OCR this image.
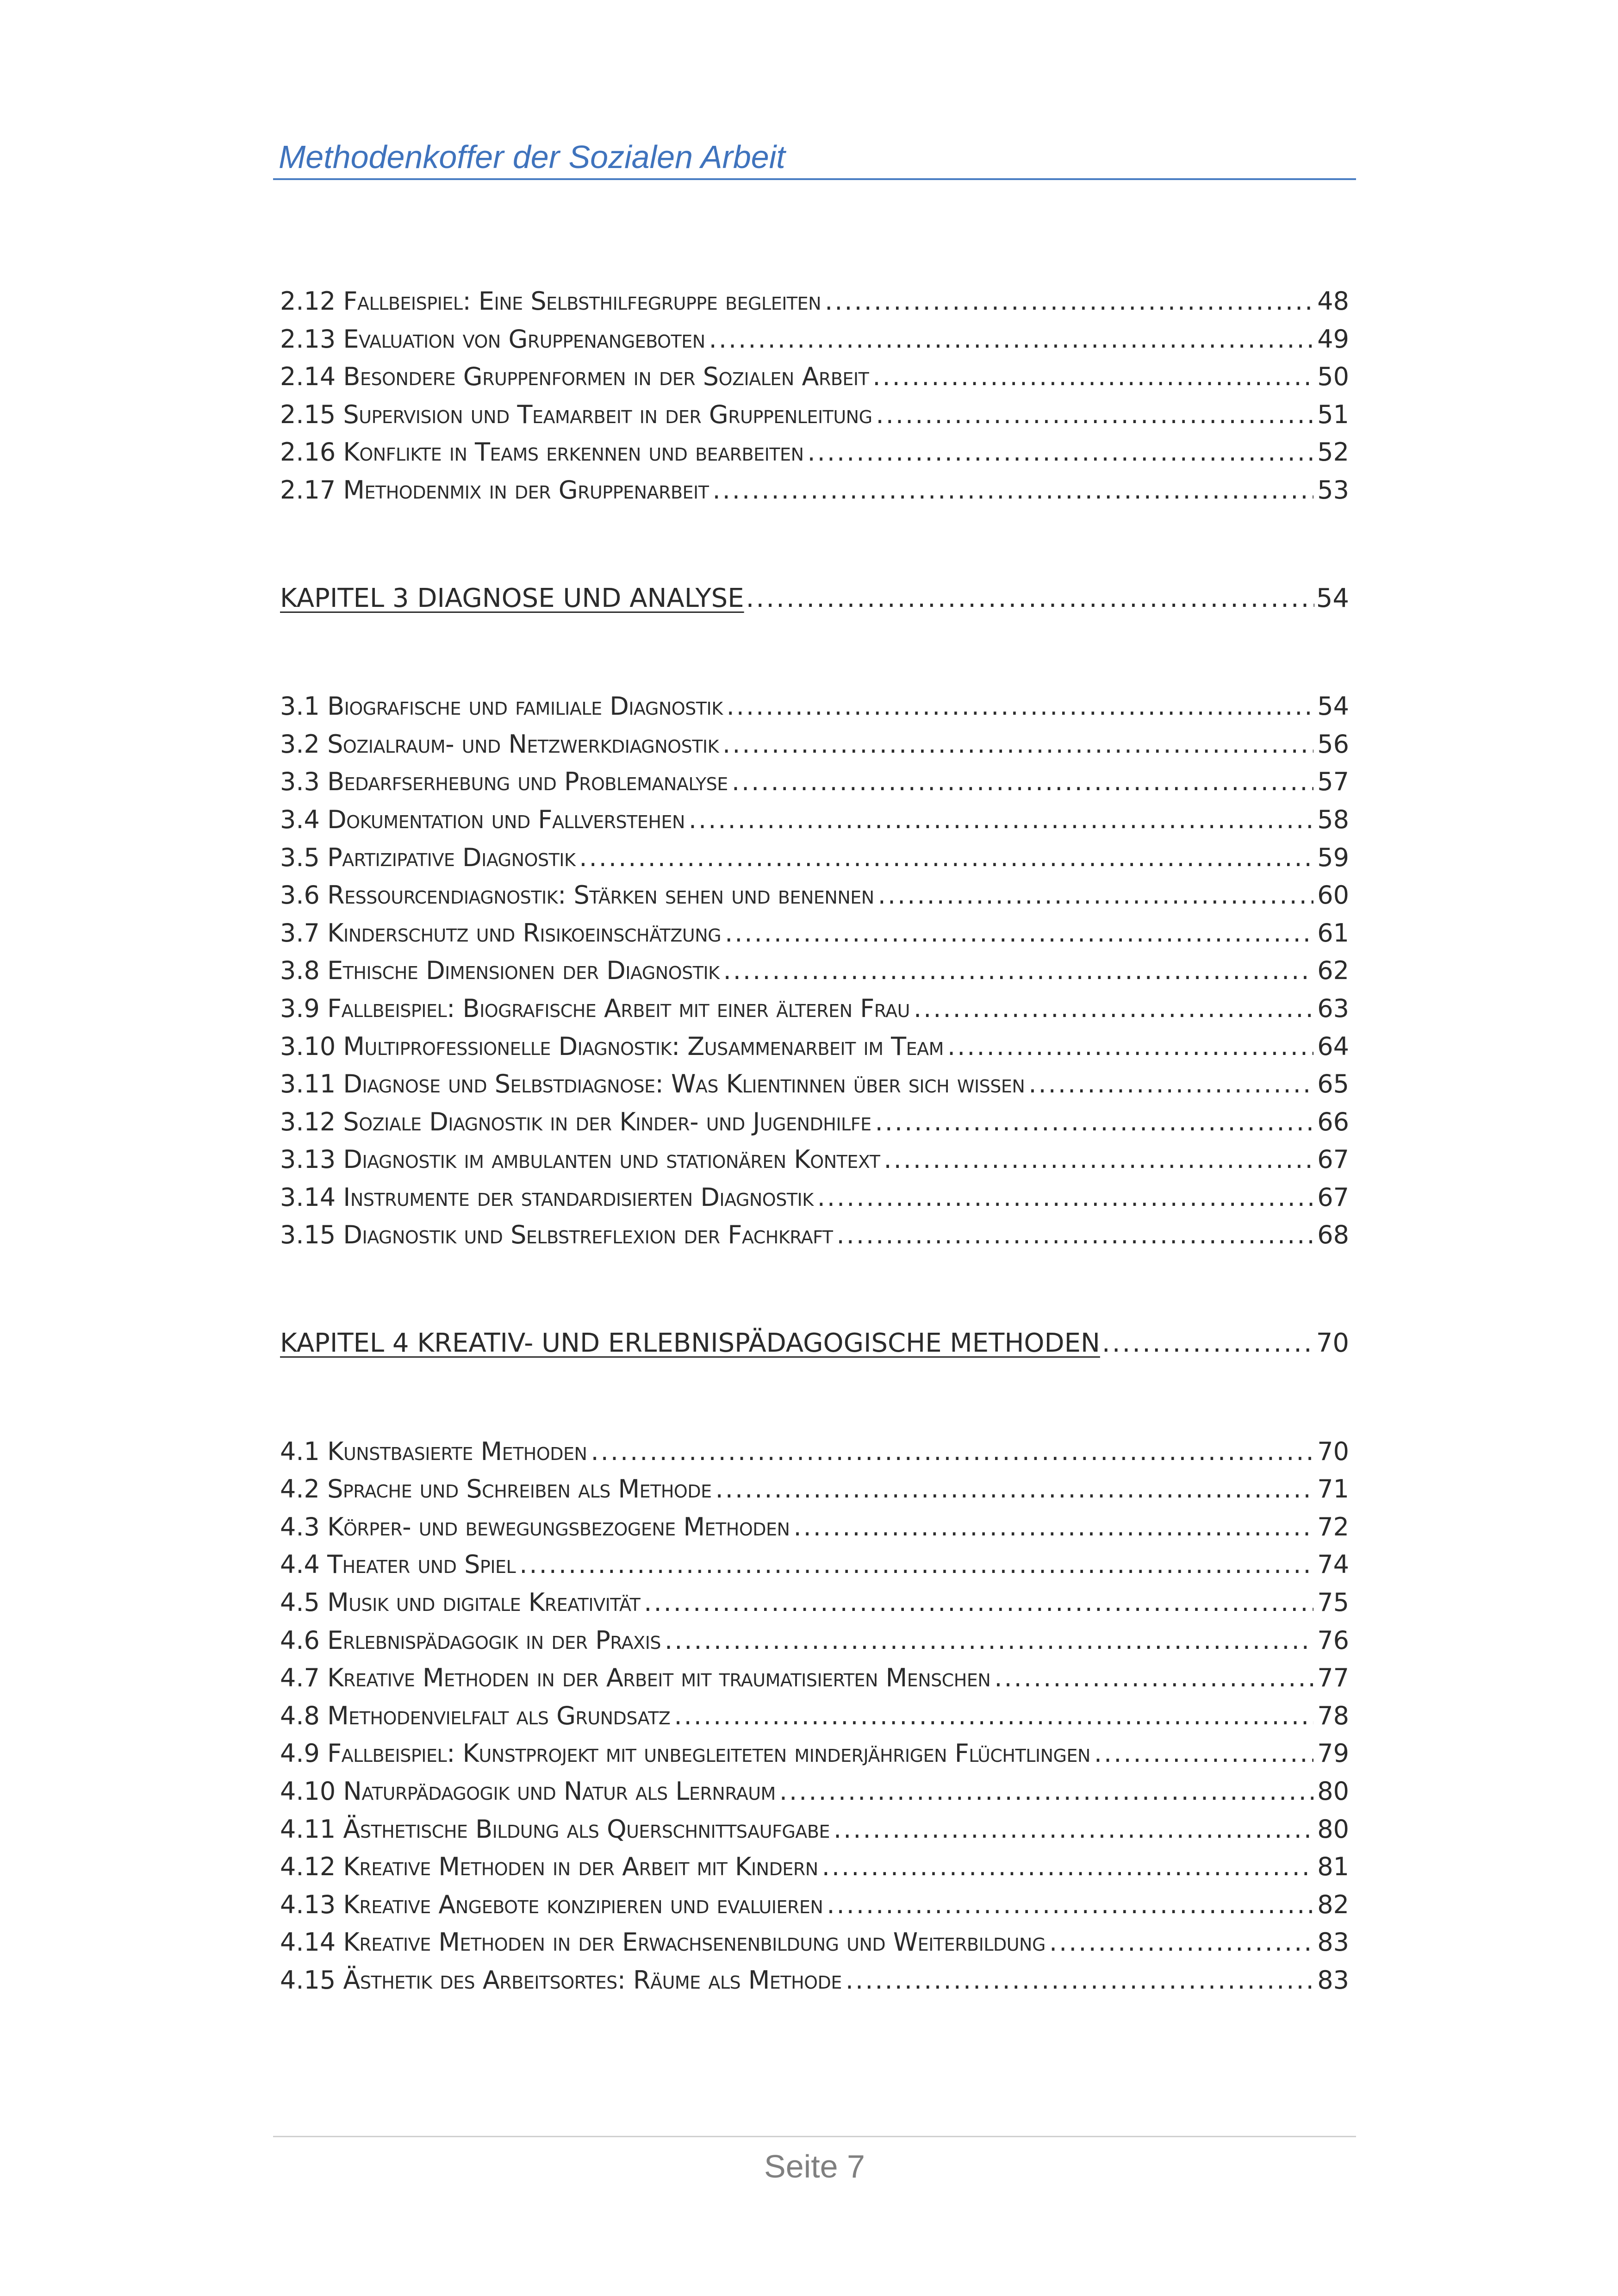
Methodenkoffer der Sozialen Arbeit
2.12 Fallbeispiel: Eine Selbsthilfegruppe begleiten .....	48
2.13 Evaluation von Gruppenangeboten .....	49
2.14 Besondere Gruppenformen in der Sozialen Arbeit .....	50
2.15 Supervision und Teamarbeit in der Gruppenleitung .....	51
2.16 Konflikte in Teams erkennen und bearbeiten .....	52
2.17 Methodenmix in der Gruppenarbeit .....	53
KAPITEL 3 DIAGNOSE UND ANALYSE .....	54
3.1 Biografische und familiale Diagnostik .....	54
3.2 Sozialraum- und Netzwerkdiagnostik .....	56
3.3 Bedarfserhebung und Problemanalyse .....	57
3.4 Dokumentation und Fallverstehen .....	58
3.5 Partizipative Diagnostik .....	59
3.6 Ressourcendiagnostik: Stärken sehen und benennen .....	60
3.7 Kinderschutz und Risikoeinschätzung .....	61
3.8 Ethische Dimensionen der Diagnostik .....	62
3.9 Fallbeispiel: Biografische Arbeit mit einer älteren Frau .....	63
3.10 Multiprofessionelle Diagnostik: Zusammenarbeit im Team .....	64
3.11 Diagnose und Selbstdiagnose: Was Klientinnen über sich wissen .....	65
3.12 Soziale Diagnostik in der Kinder- und Jugendhilfe .....	66
3.13 Diagnostik im ambulanten und stationären Kontext .....	67
3.14 Instrumente der standardisierten Diagnostik .....	67
3.15 Diagnostik und Selbstreflexion der Fachkraft .....	68
KAPITEL 4 KREATIV- UND ERLEBNISPÄDAGOGISCHE METHODEN .....	70
4.1 Kunstbasierte Methoden .....	70
4.2 Sprache und Schreiben als Methode .....	71
4.3 Körper- und bewegungsbezogene Methoden .....	72
4.4 Theater und Spiel .....	74
4.5 Musik und digitale Kreativität .....	75
4.6 Erlebnispädagogik in der Praxis .....	76
4.7 Kreative Methoden in der Arbeit mit traumatisierten Menschen .....	77
4.8 Methodenvielfalt als Grundsatz .....	78
4.9 Fallbeispiel: Kunstprojekt mit unbegleiteten minderjährigen Flüchtlingen .....	79
4.10 Naturpädagogik und Natur als Lernraum .....	80
4.11 Ästhetische Bildung als Querschnittsaufgabe .....	80
4.12 Kreative Methoden in der Arbeit mit Kindern .....	81
4.13 Kreative Angebote konzipieren und evaluieren .....	82
4.14 Kreative Methoden in der Erwachsenenbildung und Weiterbildung .....	83
4.15 Ästhetik des Arbeitsortes: Räume als Methode .....	83
Seite 7
